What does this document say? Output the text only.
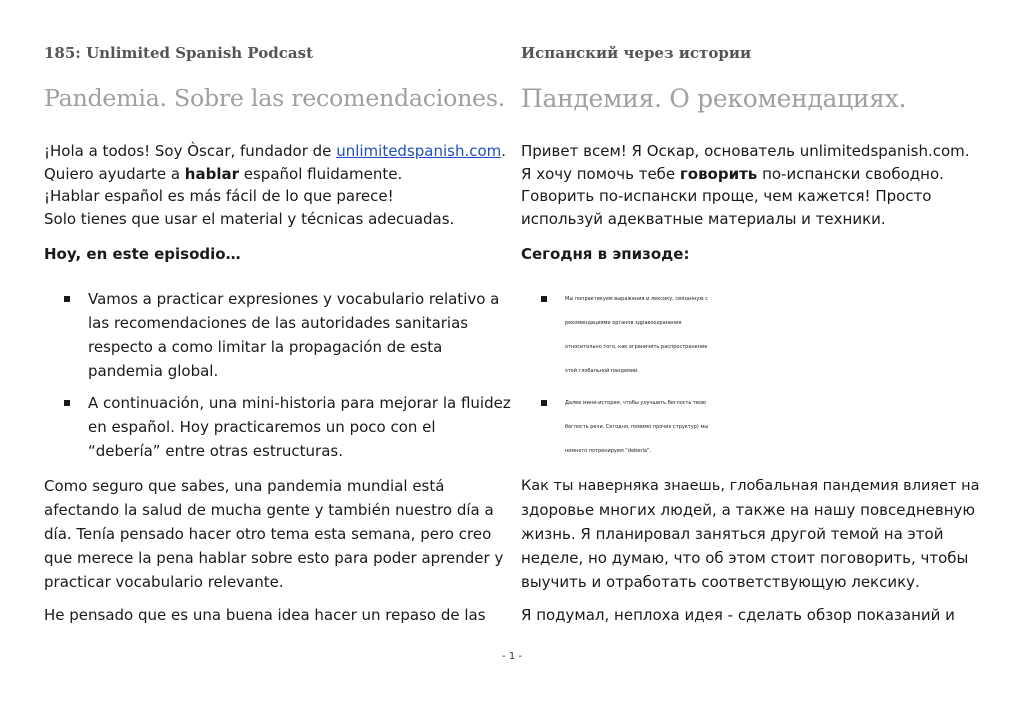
185: Unlimited Spanish Podcast
Pandemia. Sobre las recomendaciones.
¡Hola a todos! Soy Òscar, fundador de unlimitedspanish.com.
Quiero ayudarte a hablar español fluidamente.
¡Hablar español es más fácil de lo que parece!
Solo tienes que usar el material y técnicas adecuadas.
Hoy, en este episodio…
Vamos a practicar expresiones y vocabulario relativo a
las recomendaciones de las autoridades sanitarias
respecto a como limitar la propagación de esta
pandemia global.
A continuación, una mini-historia para mejorar la fluidez
en español. Hoy practicaremos un poco con el
“debería” entre otras estructuras.
Como seguro que sabes, una pandemia mundial está
afectando la salud de mucha gente y también nuestro día a
día. Tenía pensado hacer otro tema esta semana, pero creo
que merece la pena hablar sobre esto para poder aprender y
practicar vocabulario relevante.
He pensado que es una buena idea hacer un repaso de las
Испанский через истории
Пандемия. О рекомендациях.
Привет всем! Я Оскар, основатель unlimitedspanish.com.
Я хочу помочь тебе говорить по-испански свободно.
Говорить по-испански проще, чем кажется! Просто
используй адекватные материалы и техники.
Сегодня в эпизоде:
Мы попрактикуем выражения и лексику, связанную с
рекомендациями органов здравоохранения
относительно того, как ограничить распространение
этой глобальной пандемии.
Далее мини-история, чтобы улучшить беглость твою
беглость речи. Сегодня, помимо прочих структур) мы
немного потренируем “debería”.
Как ты наверняка знаешь, глобальная пандемия влияет на
здоровье многих людей, а также на нашу повседневную
жизнь. Я планировал заняться другой темой на этой
неделе, но думаю, что об этом стоит поговорить, чтобы
выучить и отработать соответствующую лексику.
Я подумал, неплоха идея - сделать обзор показаний и
- 1 -
